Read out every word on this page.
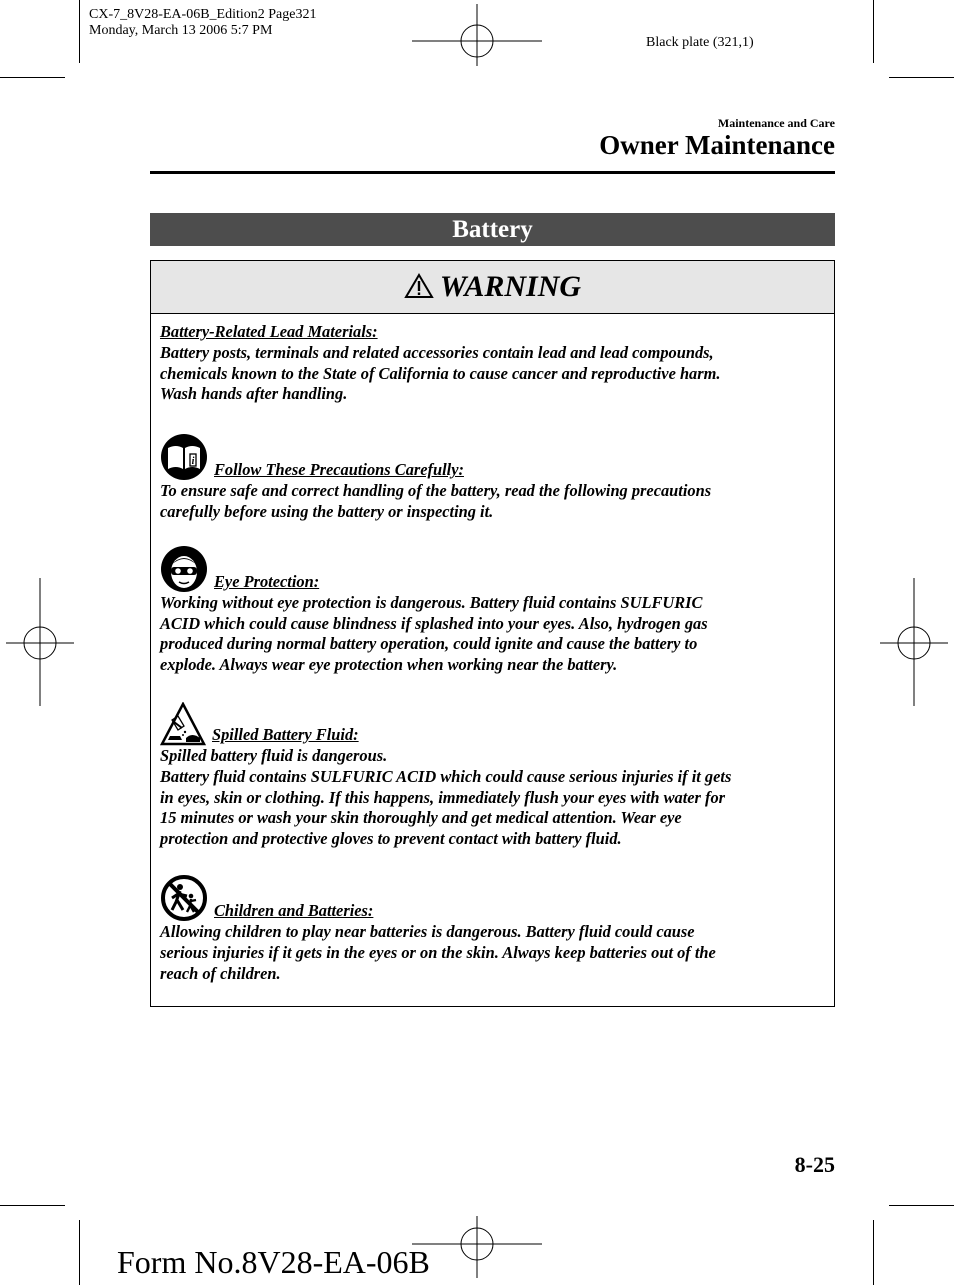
CX-7_8V28-EA-06B_Edition2 Page321
Monday, March 13 2006 5:7 PM
Black plate (321,1)
Maintenance and Care
Owner Maintenance
Battery
WARNING

Battery-Related Lead Materials:

Battery posts, terminals and related accessories contain lead and lead compounds,

chemicals known to the State of California to cause cancer and reproductive harm.

Wash hands after handling.

i Follow These Precautions Carefully:

To ensure safe and correct handling of the battery, read the following precautions

carefully before using the battery or inspecting it.

Eye Protection:

Working without eye protection is dangerous. Battery fluid contains SULFURIC

ACID which could cause blindness if splashed into your eyes. Also, hydrogen gas

produced during normal battery operation, could ignite and cause the battery to

explode. Always wear eye protection when working near the battery.

Spilled Battery Fluid:

Spilled battery fluid is dangerous.

Battery fluid contains SULFURIC ACID which could cause serious injuries if it gets

in eyes, skin or clothing. If this happens, immediately flush your eyes with water for

15 minutes or wash your skin thoroughly and get medical attention. Wear eye

protection and protective gloves to prevent contact with battery fluid.

Children and Batteries:

Allowing children to play near batteries is dangerous. Battery fluid could cause

serious injuries if it gets in the eyes or on the skin. Always keep batteries out of the

reach of children.

8-25
Form No.8V28-EA-06B
